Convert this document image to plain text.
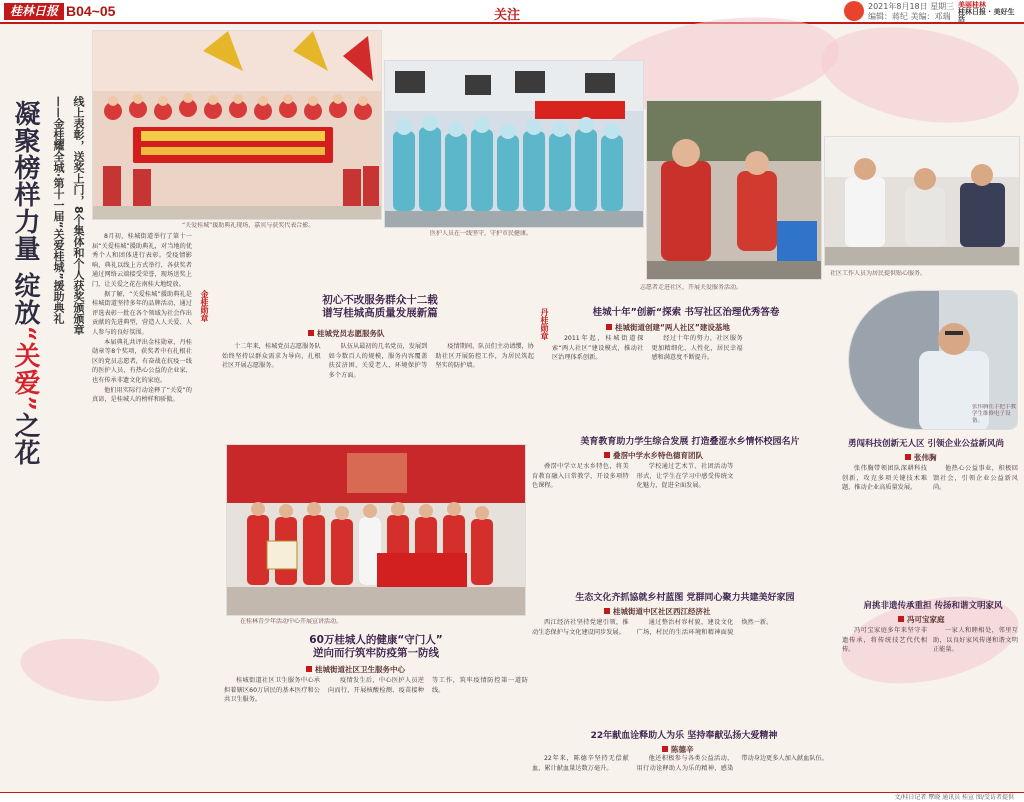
桂林日报 B04~05	关注
2021年8月18日 星期三
编辑：蒋纪 美编：邓瑞
美丽桂林
桂林日报 · 美好生活
凝聚榜样力量 绽放“关爱”之花
——金桂耀全城·第十一届“关爱桂城”援助典礼 线上表彰，送奖上门，8个集体和个人获奖颁颁章	“关爱桂城”援助典礼现场，嘉宾与获奖代表合影。
医护人员在一线坚守，守护市民健康。
志愿者走进社区，开展关爱服务活动。
社区工作人员为居民提供贴心服务。

8月初，桂城街道举行了第十一届“关爱桂城”援助典礼，对当地的优秀个人和团体进行表彰。受疫情影响，典礼以线上方式举行，各获奖者通过网络云端接受荣誉，现场送奖上门，让关爱之花在南桂大地绽放。

据了解，“关爱桂城”援助典礼是桂城街道坚持多年的品牌活动，通过评选表彰一批在各个领域为社会作出贡献的先进典型，营造人人关爱、人人参与的良好氛围。

本届典礼共评出金桂勋章、丹桂勋章等8个奖项，获奖者中有扎根社区的党员志愿者，有奋战在抗疫一线的医护人员，有热心公益的企业家，也有传承非遗文化的家庭。

他们用实际行动诠释了“关爱”的真谛，是桂城人的榜样和骄傲。

金桂勋章	初心不改服务群众十二载
谱写桂城高质量发展新篇
桂城党员志愿服务队

十二年来，桂城党员志愿服务队始终坚持以群众需求为导向，扎根社区开展志愿服务。

队伍从最初的几名党员，发展到如今数百人的规模，服务内容覆盖扶贫济困、关爱老人、环境保护等多个方面。

疫情期间，队员们主动请缨，协助社区开展防控工作，为居民筑起坚实的防护墙。

丹桂勋章	桂城十年”创新“探索 书写社区治理优秀答卷
桂城街道创建“两人社区”建设基地

2011年起，桂城街道探索“两人社区”建设模式，推动社区治理体系创新。

经过十年的努力，社区服务更加精细化、人性化，居民幸福感和满意度不断提升。

张伟胸在手把手教学生维修电子设备。
勇闯科技创新无人区 引领企业公益新风尚
张伟胸

张伟胸带领团队深耕科技创新，攻克多项关键技术难题，推动企业高质量发展。

他热心公益事业，积极回馈社会，引领企业公益新风尚。

美育教育助力学生综合发展 打造叠涩水乡情怀校园名片
叠滘中学水乡特色德育团队

叠滘中学立足水乡特色，将美育教育融入日常教学，开设多项特色课程。

学校通过艺术节、社团活动等形式，让学生在学习中感受传统文化魅力，促进全面发展。

在桂林青少年活动中心开展宣讲活动。
生态文化齐抓協就乡村蓝图 党群同心聚力共建美好家园
桂城街道中区社区西江经济社

西江经济社坚持党建引领，推动生态保护与文化建设同步发展。

通过整治村容村貌，建设文化广场，村民的生活环境和精神面貌焕然一新。

肩挑非遗传承重担 传扬和谐文明家风
冯可宝家庭

冯可宝家庭多年来坚守非遗传承，将传统技艺代代相传。

一家人和睦相处，邻里互助，以良好家风传递和谐文明正能量。

60万桂城人的健康“守门人”
逆向而行筑牢防疫第一防线
桂城街道社区卫生服务中心

桂城街道社区卫生服务中心承担着辖区60万居民的基本医疗和公共卫生服务。

疫情发生后，中心医护人员逆向而行，开展核酸检测、疫苗接种等工作，筑牢疫情防控第一道防线。

22年献血诠释助人为乐 坚持奉献弘扬大爱精神
陈德辛

22年来，陈德辛坚持无偿献血，累计献血量达数万毫升。

他还积极参与各类公益活动，用行动诠释助人为乐的精神，感染带动身边更多人加入献血队伍。

文/桂日记者 覃晓 通讯员 桂宣 图/受访者提供
